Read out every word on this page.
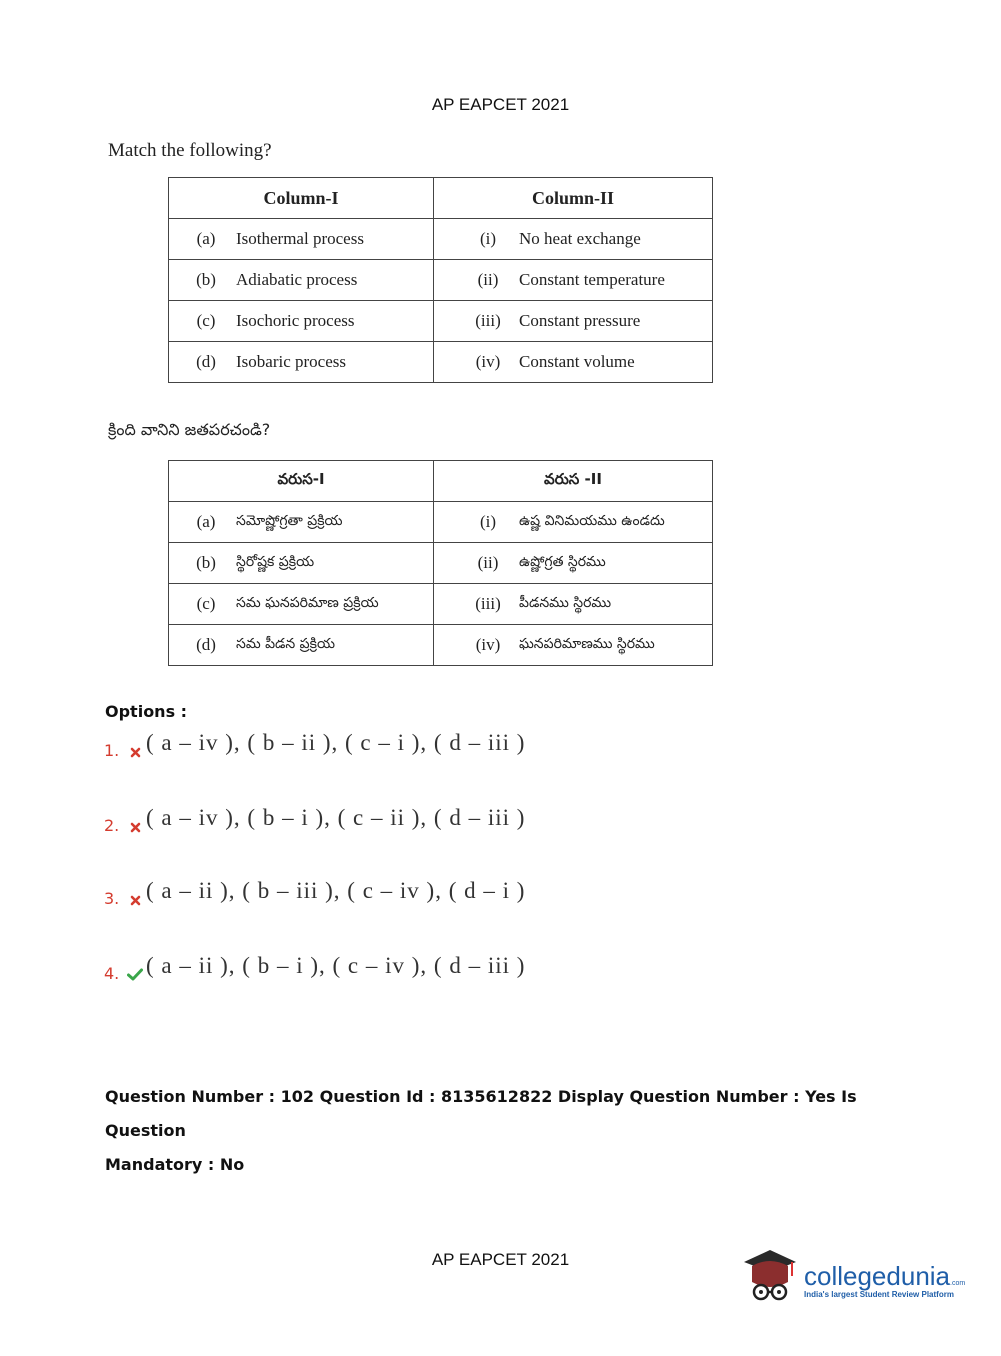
AP EAPCET 2021
Match the following?
Column-I	Column-II

(a) Isothermal process	(i) No heat exchange

(b) Adiabatic process	(ii) Constant temperature

(c) Isochoric process	(iii) Constant pressure

(d) Isobaric process	(iv) Constant volume
క్రింది వానిని జతపరచండి?
వరుస-I	వరుస -II

(a) సమోష్ణోగ్రతా ప్రక్రియ	(i) ఉష్ణ వినిమయము ఉండదు

(b) స్థిరోష్ణక ప్రక్రియ	(ii) ఉష్ణోగ్రత స్థిరము

(c) సమ ఘనపరిమాణ ప్రక్రియ	(iii) పీడనము స్థిరము

(d) సమ పీడన ప్రక్రియ	(iv) ఘనపరిమాణము స్థిరము
Options :
1. ( a – iv ), ( b – ii ), ( c – i ), ( d – iii )
2. ( a – iv ), ( b – i ), ( c – ii ), ( d – iii )
3. ( a – ii ), ( b – iii ), ( c – iv ), ( d – i )
4. ( a – ii ), ( b – i ), ( c – iv ), ( d – iii )
Question Number : 102 Question Id : 8135612822 Display Question Number : Yes Is Question
Mandatory : No
AP EAPCET 2021
collegedunia.com
India's largest Student Review Platform
